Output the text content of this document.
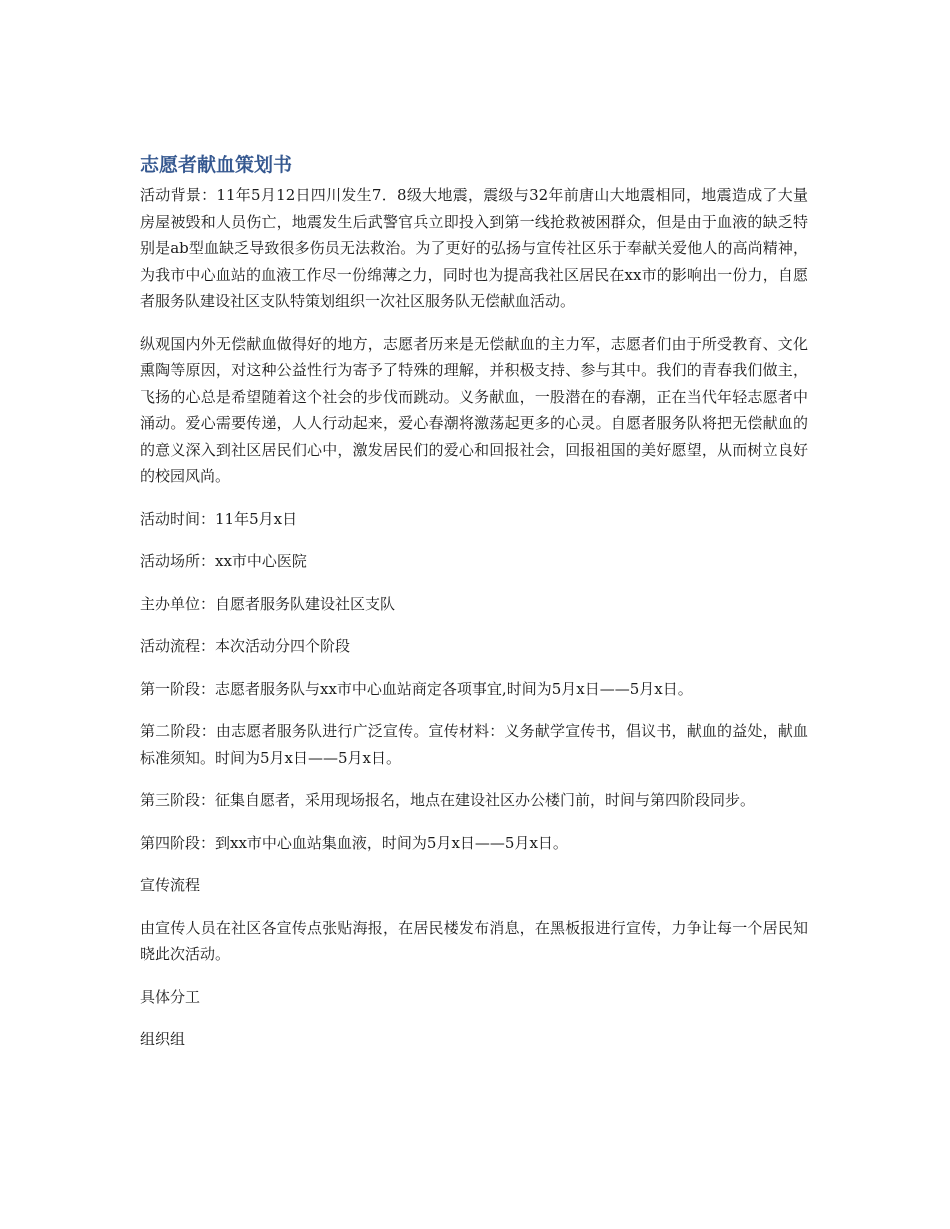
志愿者献血策划书

活动背景：11年5月12日四川发生7．8级大地震，震级与32年前唐山大地震相同，地震造成了大量房屋被毁和人员伤亡，地震发生后武警官兵立即投入到第一线抢救被困群众，但是由于血液的缺乏特别是ab型血缺乏导致很多伤员无法救治。为了更好的弘扬与宣传社区乐于奉献关爱他人的高尚精神，为我市中心血站的血液工作尽一份绵薄之力，同时也为提高我社区居民在xx市的影响出一份力，自愿者服务队建设社区支队特策划组织一次社区服务队无偿献血活动。

纵观国内外无偿献血做得好的地方，志愿者历来是无偿献血的主力军，志愿者们由于所受教育、文化熏陶等原因，对这种公益性行为寄予了特殊的理解，并积极支持、参与其中。我们的青春我们做主，飞扬的心总是希望随着这个社会的步伐而跳动。义务献血，一股潜在的春潮，正在当代年轻志愿者中涌动。爱心需要传递，人人行动起来，爱心春潮将激荡起更多的心灵。自愿者服务队将把无偿献血的的意义深入到社区居民们心中，激发居民们的爱心和回报社会，回报祖国的美好愿望，从而树立良好的校园风尚。

活动时间：11年5月x日

活动场所：xx市中心医院

主办单位：自愿者服务队建设社区支队

活动流程：本次活动分四个阶段

第一阶段：志愿者服务队与xx市中心血站商定各项事宜,时间为5月x日——5月x日。

第二阶段：由志愿者服务队进行广泛宣传。宣传材料：义务献学宣传书，倡议书，献血的益处，献血标准须知。时间为5月x日——5月x日。

第三阶段：征集自愿者，采用现场报名，地点在建设社区办公楼门前，时间与第四阶段同步。

第四阶段：到xx市中心血站集血液，时间为5月x日——5月x日。

宣传流程

由宣传人员在社区各宣传点张贴海报，在居民楼发布消息，在黑板报进行宣传，力争让每一个居民知晓此次活动。

具体分工

组织组
